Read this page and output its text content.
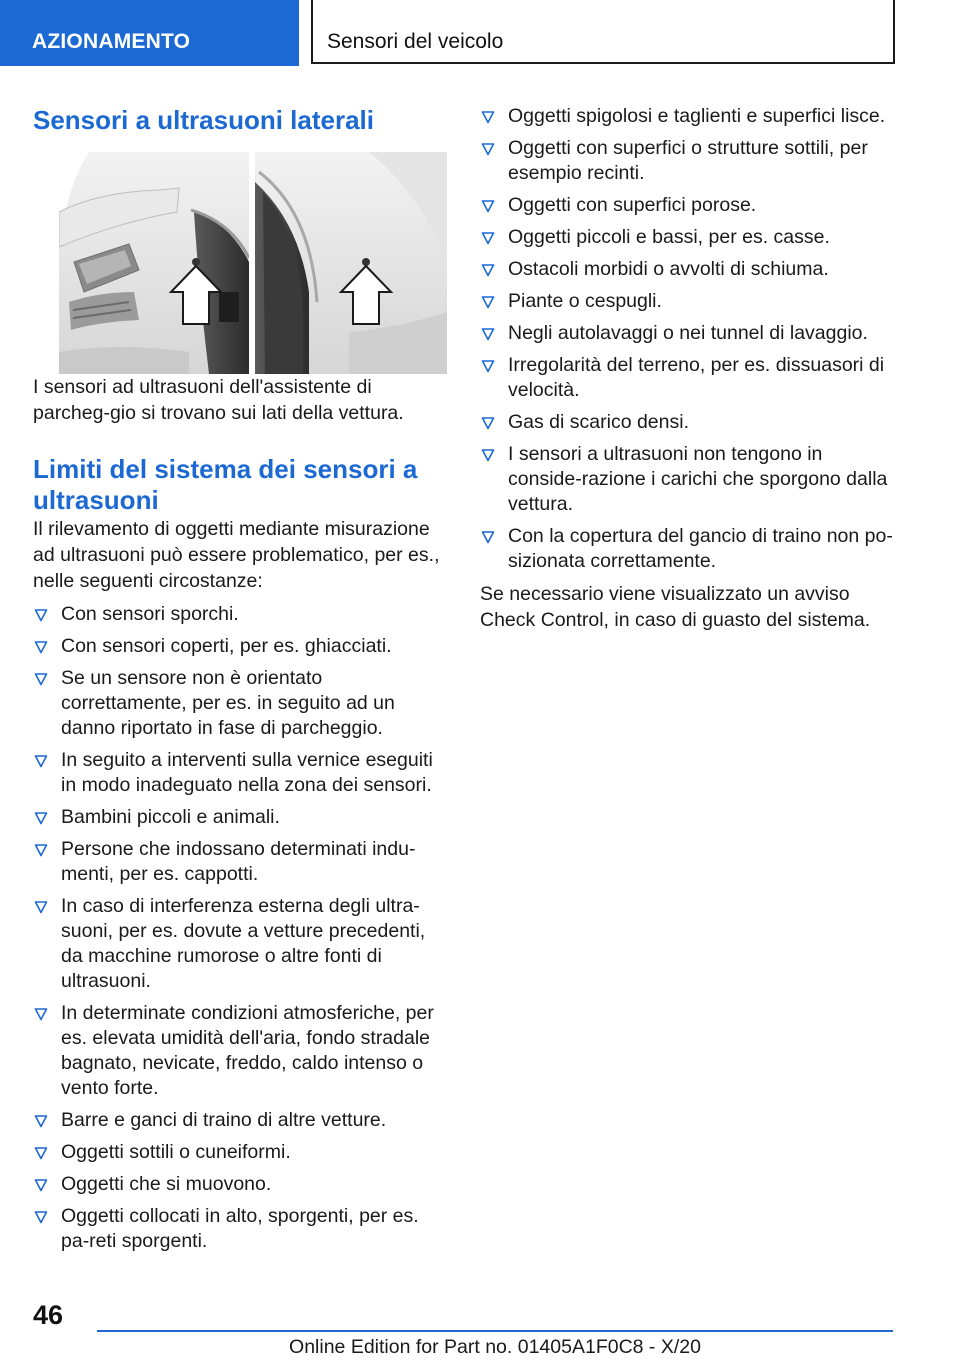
AZIONAMENTO	Sensori del veicolo
Sensori a ultrasuoni laterali

I sensori ad ultrasuoni dell'assistente di parcheg-gio si trovano sui lati della vettura.

Limiti del sistema dei sensori a ultrasuoni

Il rilevamento di oggetti mediante misurazione ad ultrasuoni può essere problematico, per es., nelle seguenti circostanze:

Con sensori sporchi.
Con sensori coperti, per es. ghiacciati.
Se un sensore non è orientato correttamente, per es. in seguito ad un danno riportato in fase di parcheggio.
In seguito a interventi sulla vernice eseguiti in modo inadeguato nella zona dei sensori.
Bambini piccoli e animali.
Persone che indossano determinati indu-menti, per es. cappotti.
In caso di interferenza esterna degli ultra-suoni, per es. dovute a vetture precedenti, da macchine rumorose o altre fonti di ultrasuoni.
In determinate condizioni atmosferiche, per es. elevata umidità dell'aria, fondo stradale bagnato, nevicate, freddo, caldo intenso o vento forte.
Barre e ganci di traino di altre vetture.
Oggetti sottili o cuneiformi.
Oggetti che si muovono.
Oggetti collocati in alto, sporgenti, per es. pa-reti sporgenti.
Oggetti spigolosi e taglienti e superfici lisce.
Oggetti con superfici o strutture sottili, per esempio recinti.
Oggetti con superfici porose.
Oggetti piccoli e bassi, per es. casse.
Ostacoli morbidi o avvolti di schiuma.
Piante o cespugli.
Negli autolavaggi o nei tunnel di lavaggio.
Irregolarità del terreno, per es. dissuasori di velocità.
Gas di scarico densi.
I sensori a ultrasuoni non tengono in conside-razione i carichi che sporgono dalla vettura.
Con la copertura del gancio di traino non po-sizionata correttamente.

Se necessario viene visualizzato un avviso Check Control, in caso di guasto del sistema.

46
Online Edition for Part no. 01405A1F0C8 - X/20
